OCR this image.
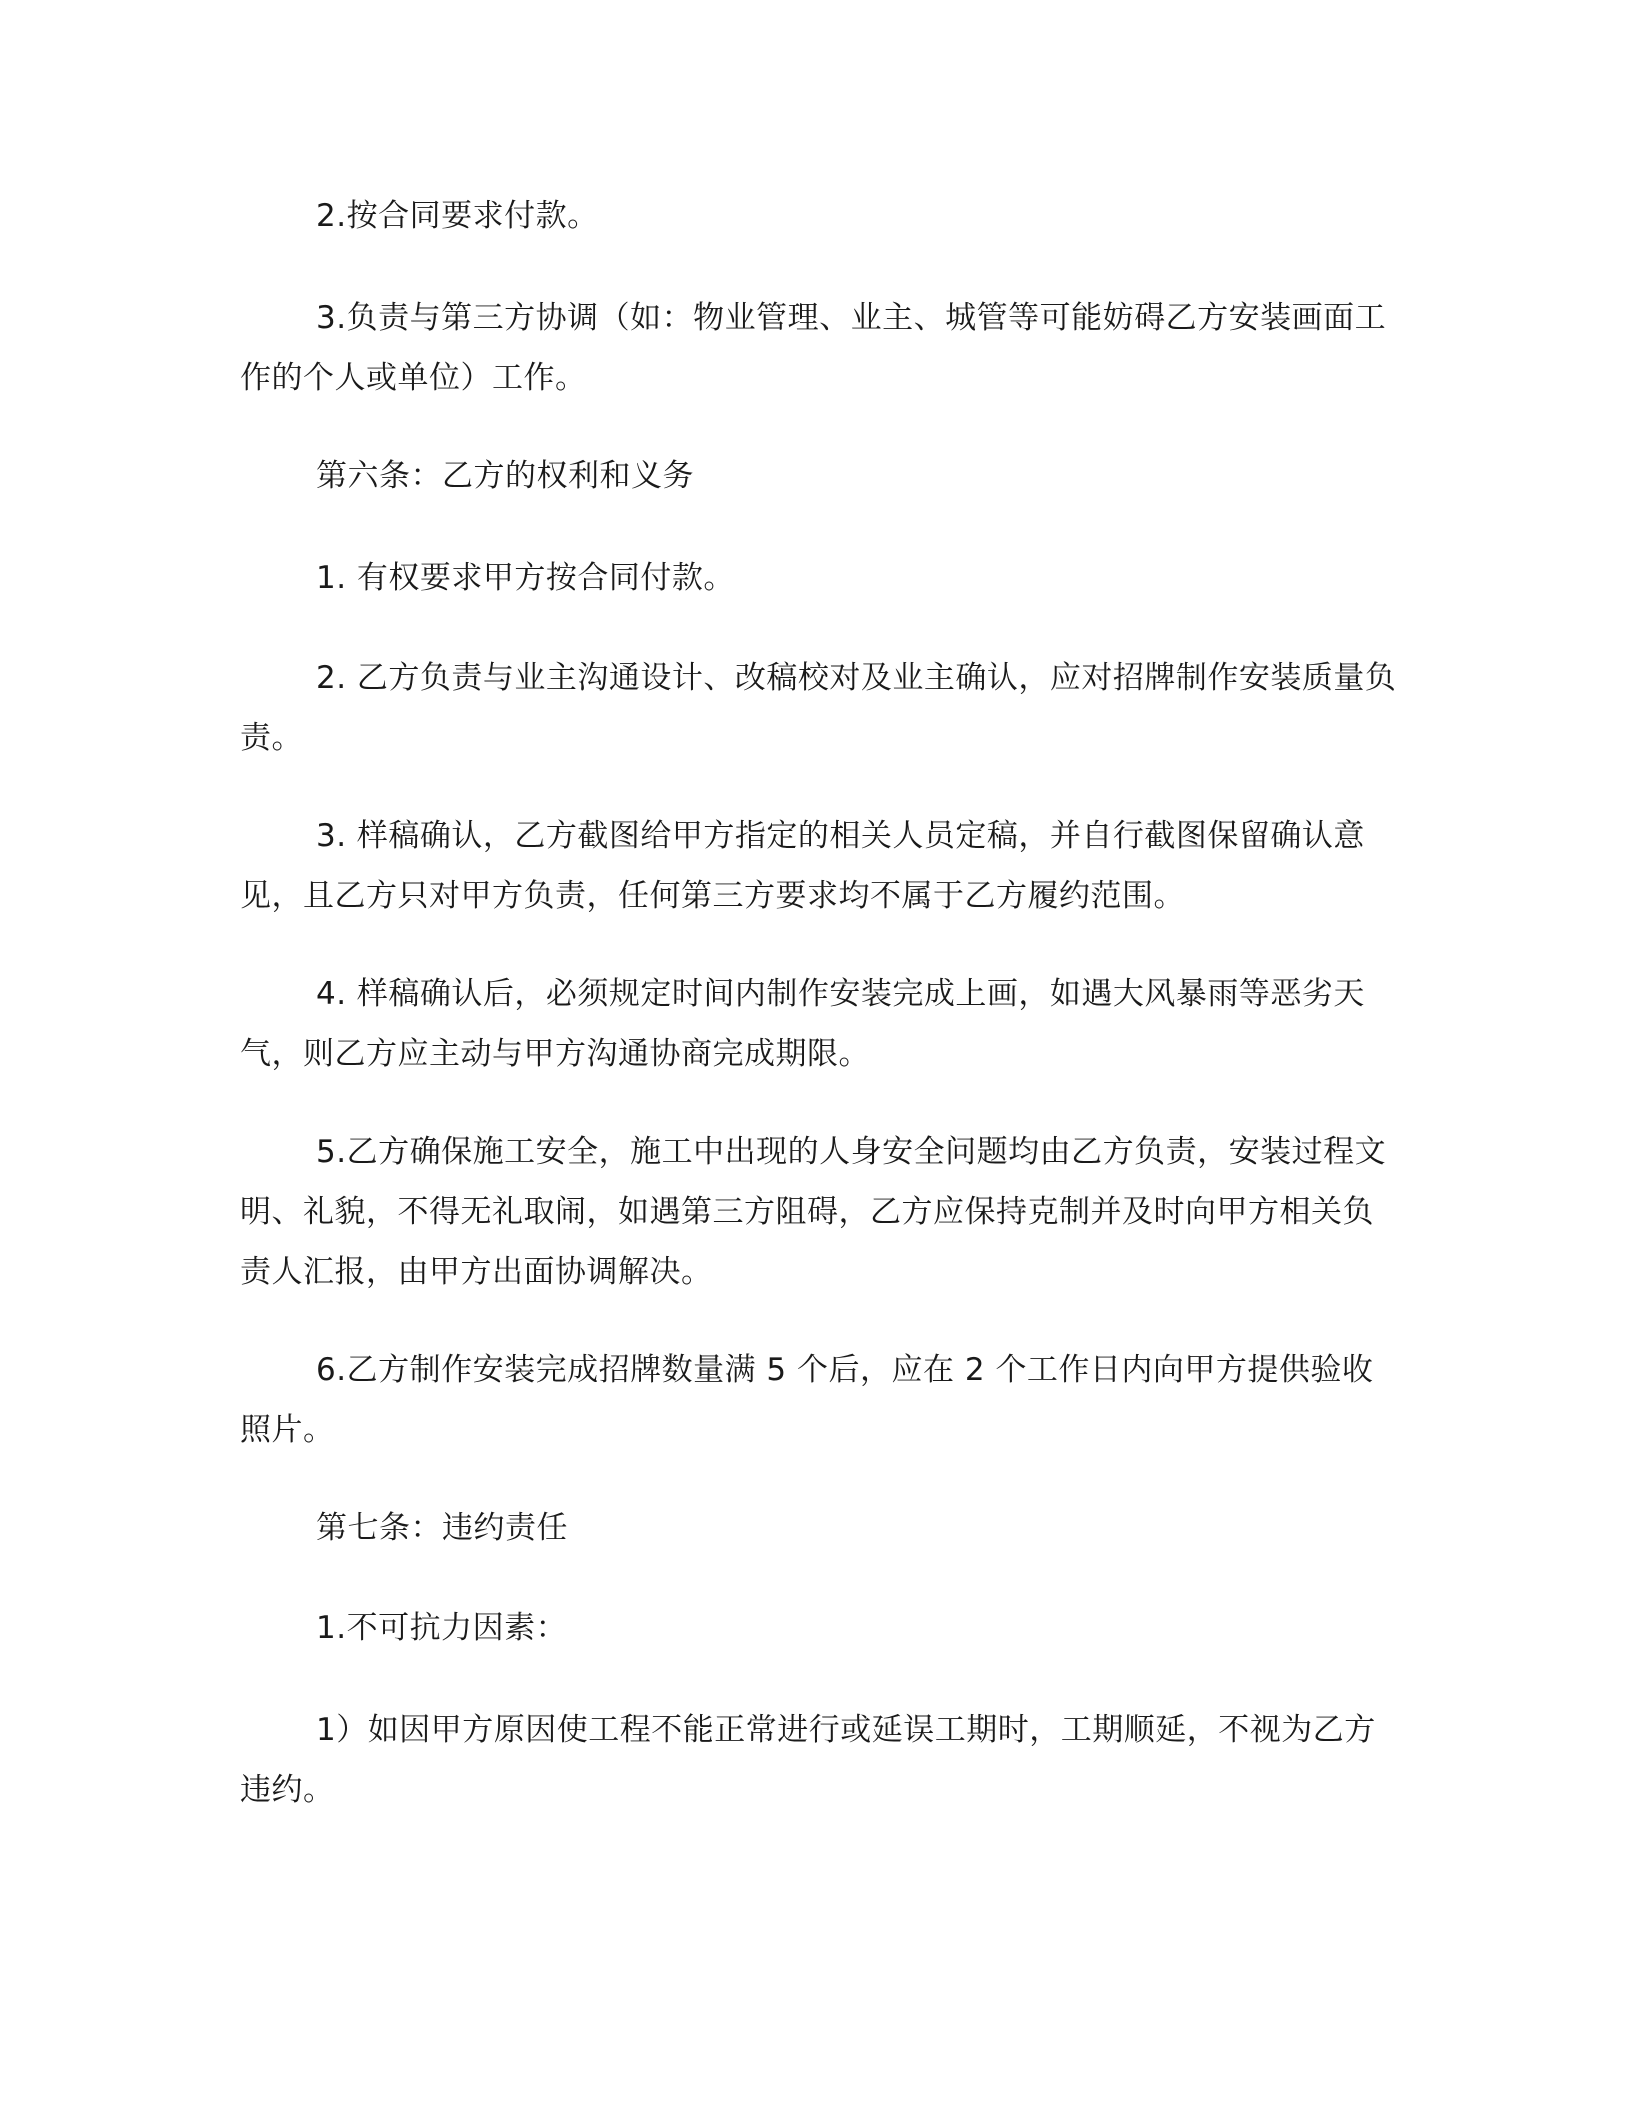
2.按合同要求付款。

3.负责与第三方协调（如：物业管理、业主、城管等可能妨碍乙方安装画面工作的个人或单位）工作。

第六条：乙方的权利和义务

1. 有权要求甲方按合同付款。

2. 乙方负责与业主沟通设计、改稿校对及业主确认，应对招牌制作安装质量负责。

3. 样稿确认，乙方截图给甲方指定的相关人员定稿，并自行截图保留确认意见，且乙方只对甲方负责，任何第三方要求均不属于乙方履约范围。

4. 样稿确认后，必须规定时间内制作安装完成上画，如遇大风暴雨等恶劣天气，则乙方应主动与甲方沟通协商完成期限。

5.乙方确保施工安全，施工中出现的人身安全问题均由乙方负责，安装过程文明、礼貌，不得无礼取闹，如遇第三方阻碍，乙方应保持克制并及时向甲方相关负责人汇报，由甲方出面协调解决。

6.乙方制作安装完成招牌数量满 5 个后，应在 2 个工作日内向甲方提供验收照片。

第七条：违约责任

1.不可抗力因素：

1）如因甲方原因使工程不能正常进行或延误工期时，工期顺延，不视为乙方违约。
